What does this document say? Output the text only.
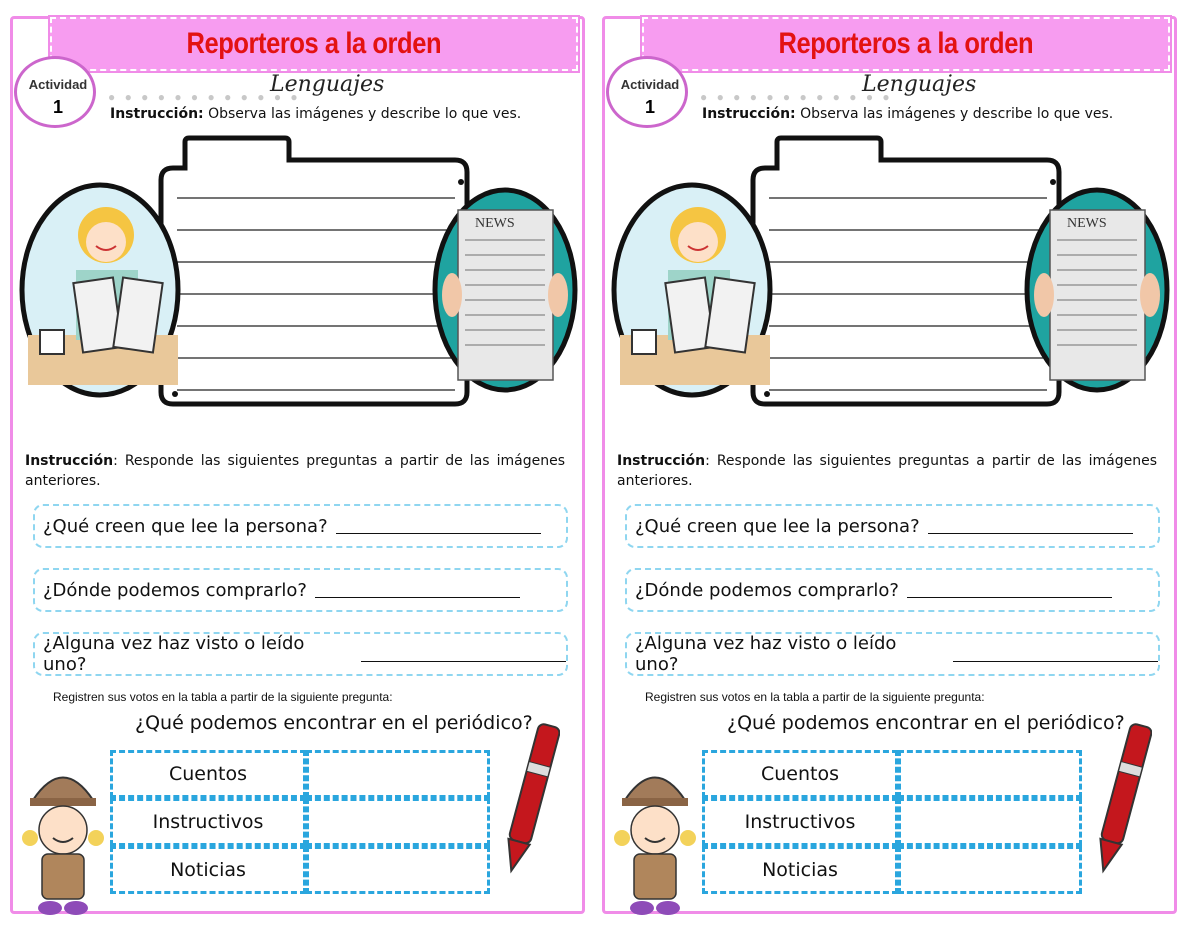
Reporteros a la orden
Actividad
1	● ● ● ● ● ● ● ● ● ● ● ●
Lenguajes
Instrucción: Observa las imágenes y describe lo que ves.
NEWS
Instrucción: Responde las siguientes preguntas a partir de las imágenes anteriores.
¿Qué creen que lee la persona?
¿Dónde podemos comprarlo?
¿Alguna vez haz visto o leído uno?
Registren sus votos en la tabla a partir de la siguiente pregunta:
¿Qué podemos encontrar en el periódico?
Cuentos	
Instructivos	
Noticias	
Reporteros a la orden
Actividad
1	● ● ● ● ● ● ● ● ● ● ● ●
Lenguajes
Instrucción: Observa las imágenes y describe lo que ves.
NEWS
Instrucción: Responde las siguientes preguntas a partir de las imágenes anteriores.
¿Qué creen que lee la persona?
¿Dónde podemos comprarlo?
¿Alguna vez haz visto o leído uno?
Registren sus votos en la tabla a partir de la siguiente pregunta:
¿Qué podemos encontrar en el periódico?
Cuentos	
Instructivos	
Noticias	
